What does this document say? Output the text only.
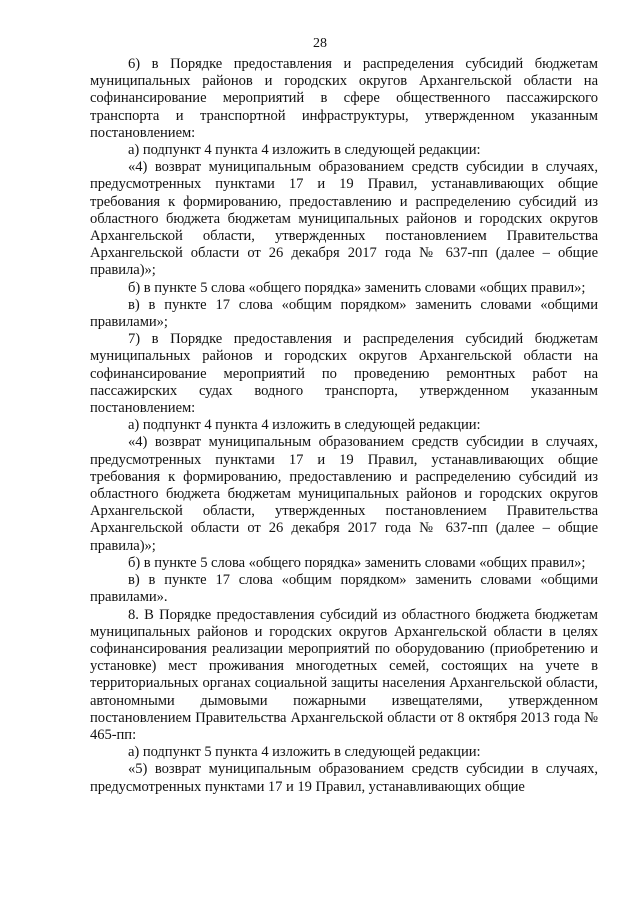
28

6) в Порядке предоставления и распределения субсидий бюджетам муниципальных районов и городских округов Архангельской области на софинансирование мероприятий в сфере общественного пассажирского транспорта и транспортной инфраструктуры, утвержденном указанным постановлением:

а) подпункт 4 пункта 4 изложить в следующей редакции:

«4) возврат муниципальным образованием средств субсидии в случаях, предусмотренных пунктами 17 и 19 Правил, устанавливающих общие требования к формированию, предоставлению и распределению субсидий из областного бюджета бюджетам муниципальных районов и городских округов Архангельской области, утвержденных постановлением Правительства Архангельской области от 26 декабря 2017 года № 637-пп (далее – общие правила)»;

б) в пункте 5 слова «общего порядка» заменить словами «общих правил»;

в) в пункте 17 слова «общим порядком» заменить словами «общими правилами»;

7) в Порядке предоставления и распределения субсидий бюджетам муниципальных районов и городских округов Архангельской области на софинансирование мероприятий по проведению ремонтных работ на пассажирских судах водного транспорта, утвержденном указанным постановлением:

а) подпункт 4 пункта 4 изложить в следующей редакции:

«4) возврат муниципальным образованием средств субсидии в случаях, предусмотренных пунктами 17 и 19 Правил, устанавливающих общие требования к формированию, предоставлению и распределению субсидий из областного бюджета бюджетам муниципальных районов и городских округов Архангельской области, утвержденных постановлением Правительства Архангельской области от 26 декабря 2017 года № 637-пп (далее – общие правила)»;

б) в пункте 5 слова «общего порядка» заменить словами «общих правил»;

в) в пункте 17 слова «общим порядком» заменить словами «общими правилами».

8. В Порядке предоставления субсидий из областного бюджета бюджетам муниципальных районов и городских округов Архангельской области в целях софинансирования реализации мероприятий по оборудованию (приобретению и установке) мест проживания многодетных семей, состоящих на учете в территориальных органах социальной защиты населения Архангельской области, автономными дымовыми пожарными извещателями, утвержденном постановлением Правительства Архангельской области от 8 октября 2013 года № 465-пп:

а) подпункт 5 пункта 4 изложить в следующей редакции:

«5) возврат муниципальным образованием средств субсидии в случаях, предусмотренных пунктами 17 и 19 Правил, устанавливающих общие
